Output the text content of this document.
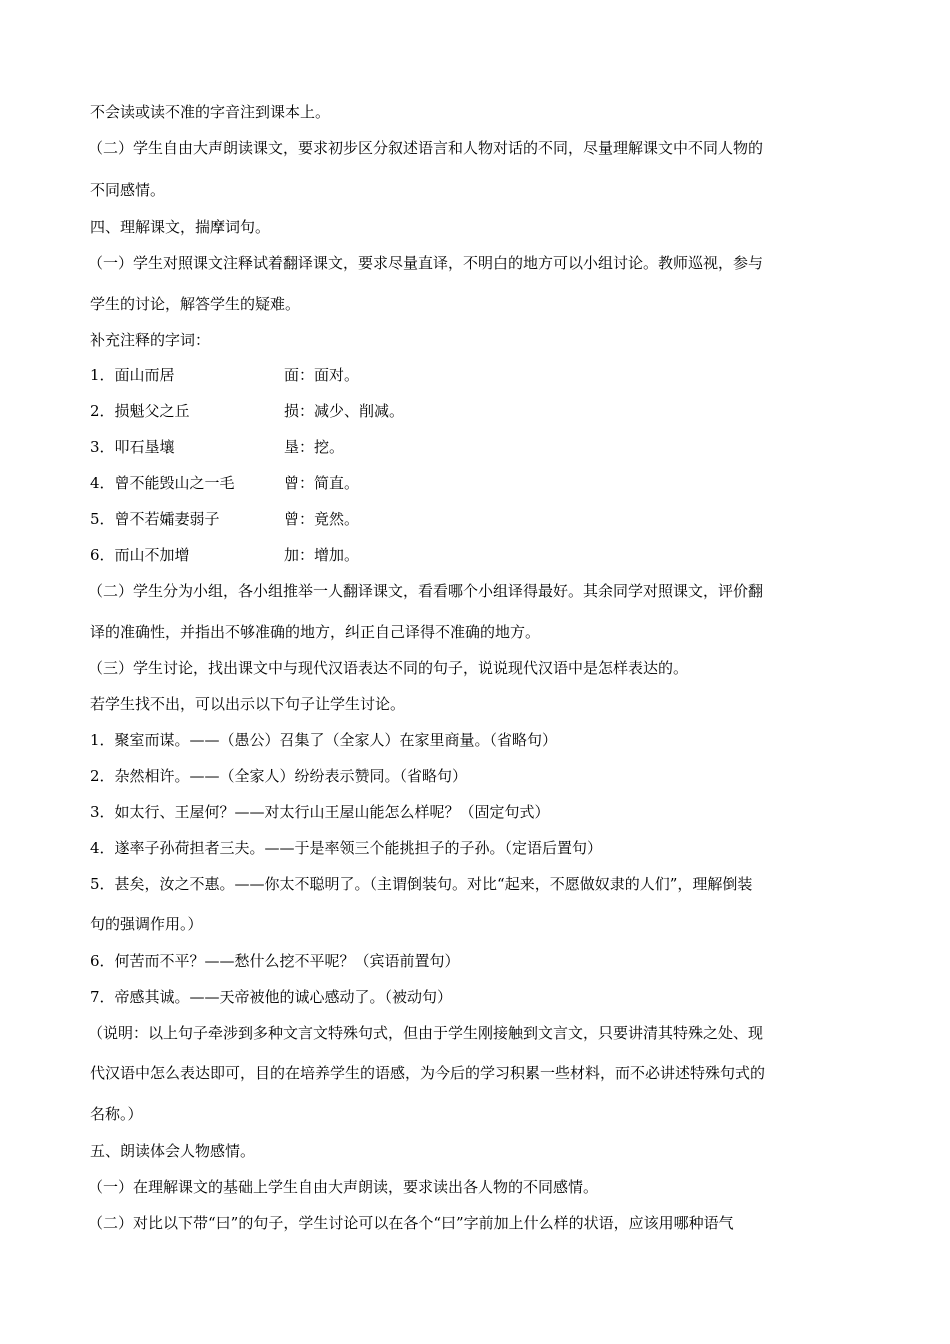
不会读或读不准的字音注到课本上。
（二）学生自由大声朗读课文，要求初步区分叙述语言和人物对话的不同，尽量理解课文中不同人物的
不同感情。
四、理解课文，揣摩词句。
（一）学生对照课文注释试着翻译课文，要求尽量直译，不明白的地方可以小组讨论。教师巡视，参与
学生的讨论，解答学生的疑难。
补充注释的字词：
1．面山而居	面：面对。
2．损魁父之丘	损：减少、削减。
3．叩石垦壤	垦：挖。
4．曾不能毁山之一毛	曾：简直。
5．曾不若孀妻弱子	曾：竟然。
6．而山不加增	加：增加。
（二）学生分为小组，各小组推举一人翻译课文，看看哪个小组译得最好。其余同学对照课文，评价翻
译的准确性，并指出不够准确的地方，纠正自己译得不准确的地方。
（三）学生讨论，找出课文中与现代汉语表达不同的句子，说说现代汉语中是怎样表达的。
若学生找不出，可以出示以下句子让学生讨论。
1．聚室而谋。——（愚公）召集了（全家人）在家里商量。（省略句）
2．杂然相许。——（全家人）纷纷表示赞同。（省略句）
3．如太行、王屋何？——对太行山王屋山能怎么样呢？（固定句式）
4．遂率子孙荷担者三夫。——于是率领三个能挑担子的子孙。（定语后置句）
5．甚矣，汝之不惠。——你太不聪明了。（主谓倒装句。对比“起来，不愿做奴隶的人们”，理解倒装
句的强调作用。）
6．何苦而不平？——愁什么挖不平呢？（宾语前置句）
7．帝感其诚。——天帝被他的诚心感动了。（被动句）
（说明：以上句子牵涉到多种文言文特殊句式，但由于学生刚接触到文言文，只要讲清其特殊之处、现
代汉语中怎么表达即可，目的在培养学生的语感，为今后的学习积累一些材料，而不必讲述特殊句式的
名称。）
五、朗读体会人物感情。
（一）在理解课文的基础上学生自由大声朗读，要求读出各人物的不同感情。
（二）对比以下带“曰”的句子，学生讨论可以在各个“曰”字前加上什么样的状语，应该用哪种语气
